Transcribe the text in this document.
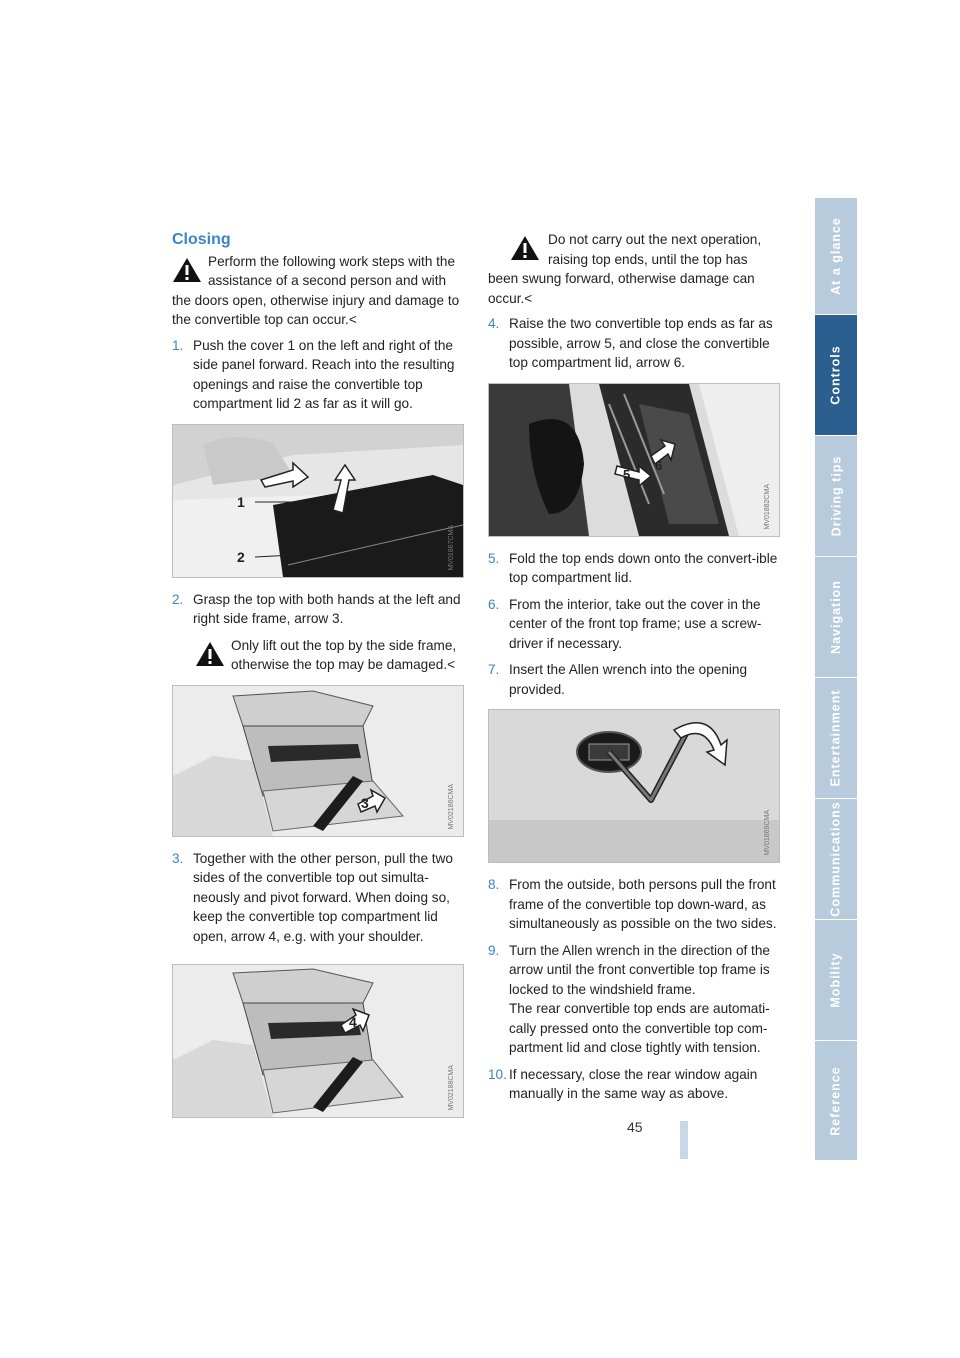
At a glance
Controls
Driving tips
Navigation
Entertainment
Communications
Mobility
Reference
Closing
Perform the following work steps with the assistance of a second person and with the doors open, otherwise injury and damage to the convertible top can occur.<
1. Push the cover 1 on the left and right of the side panel forward. Reach into the resulting openings and raise the convertible top compartment lid 2 as far as it will go.
1
2	MV01867CMA
2. Grasp the top with both hands at the left and right side frame, arrow 3.
Only lift out the top by the side frame, otherwise the top may be damaged.<
3	MV02186CMA
3. Together with the other person, pull the two sides of the convertible top out simulta-neously and pivot forward. When doing so, keep the convertible top compartment lid open, arrow 4, e.g. with your shoulder.
4
MV02188CMA
Do not carry out the next operation, raising top ends, until the top has been swung forward, otherwise damage can occur.<
4. Raise the two convertible top ends as far as possible, arrow 5, and close the convertible top compartment lid, arrow 6.
5
6
MV01882CMA
5. Fold the top ends down onto the convert-ible top compartment lid.
6. From the interior, take out the cover in the center of the front top frame; use a screw-driver if necessary.
7. Insert the Allen wrench into the opening provided.
MV01869CMA
8. From the outside, both persons pull the front frame of the convertible top down-ward, as simultaneously as possible on the two sides.
9. Turn the Allen wrench in the direction of the arrow until the front convertible top frame is locked to the windshield frame.
The rear convertible top ends are automati-cally pressed onto the convertible top com-partment lid and close tightly with tension.
10. If necessary, close the rear window again manually in the same way as above.
45
